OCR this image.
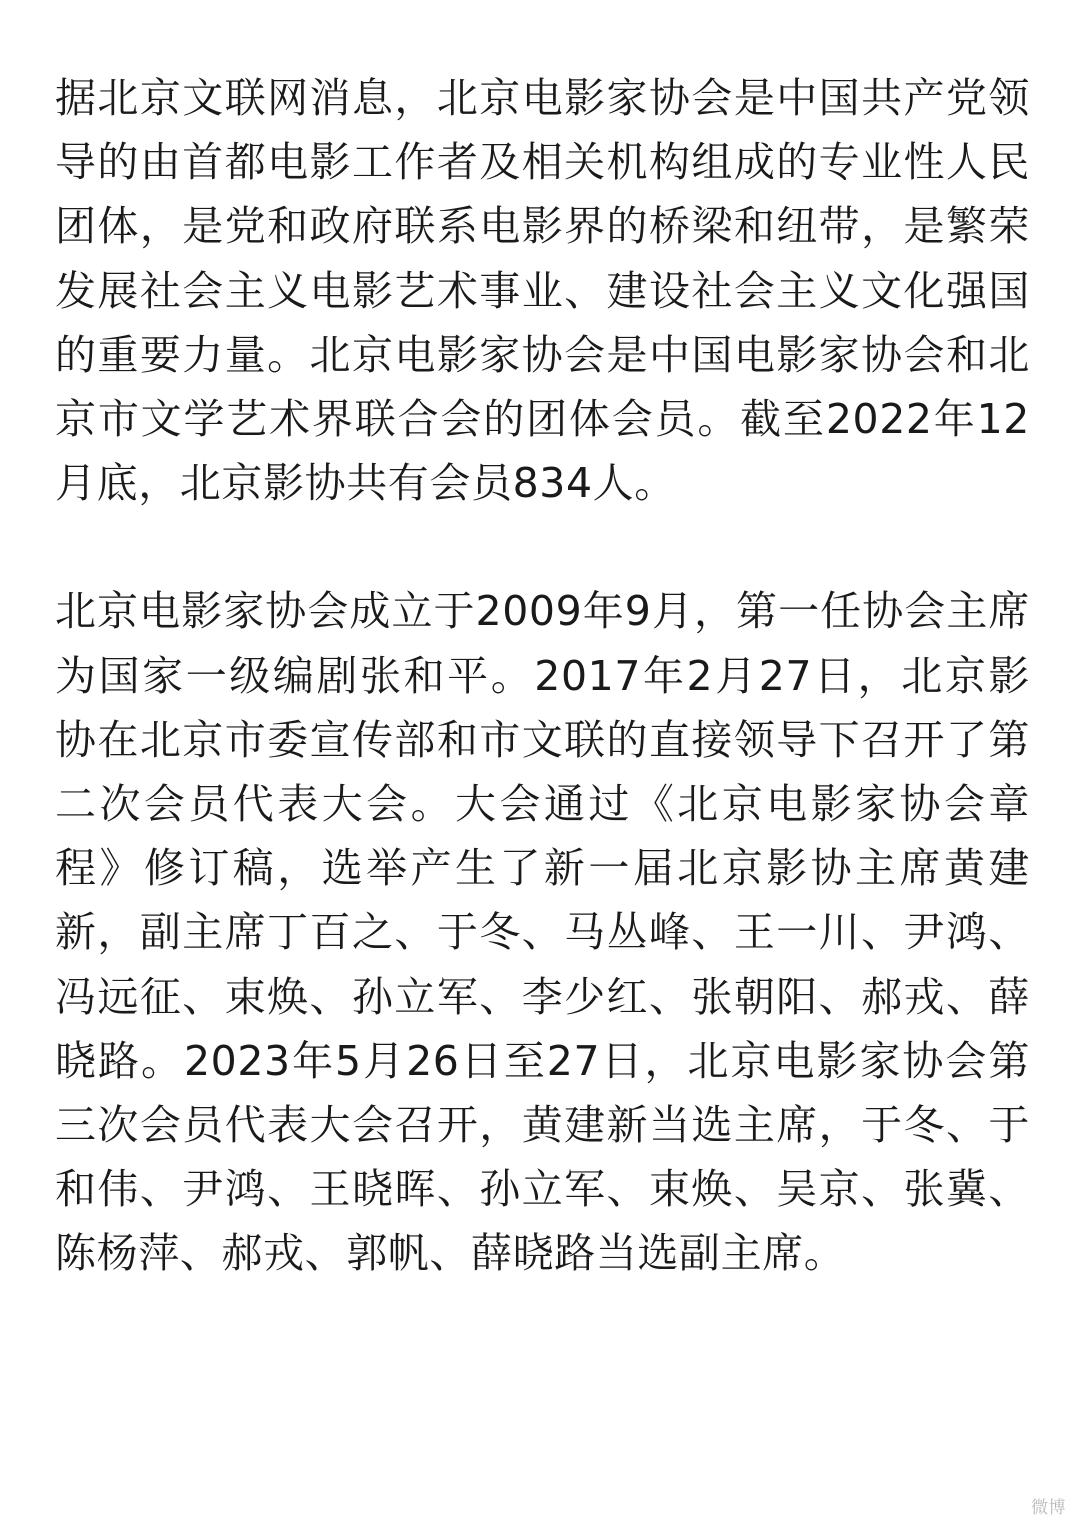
据北京文联网消息，北京电影家协会是中国共产党领导的由首都电影工作者及相关机构组成的专业性人民团体，是党和政府联系电影界的桥梁和纽带，是繁荣发展社会主义电影艺术事业、建设社会主义文化强国的重要力量。北京电影家协会是中国电影家协会和北京市文学艺术界联合会的团体会员。截至2022年12月底，北京影协共有会员834人。

北京电影家协会成立于2009年9月，第一任协会主席为国家一级编剧张和平。2017年2月27日，北京影协在北京市委宣传部和市文联的直接领导下召开了第二次会员代表大会。大会通过《北京电影家协会章程》修订稿，选举产生了新一届北京影协主席黄建新，副主席丁百之、于冬、马丛峰、王一川、尹鸿、冯远征、束焕、孙立军、李少红、张朝阳、郝戎、薛晓路。2023年5月26日至27日，北京电影家协会第三次会员代表大会召开，黄建新当选主席，于冬、于和伟、尹鸿、王晓晖、孙立军、束焕、吴京、张冀、陈杨萍、郝戎、郭帆、薛晓路当选副主席。

微博
